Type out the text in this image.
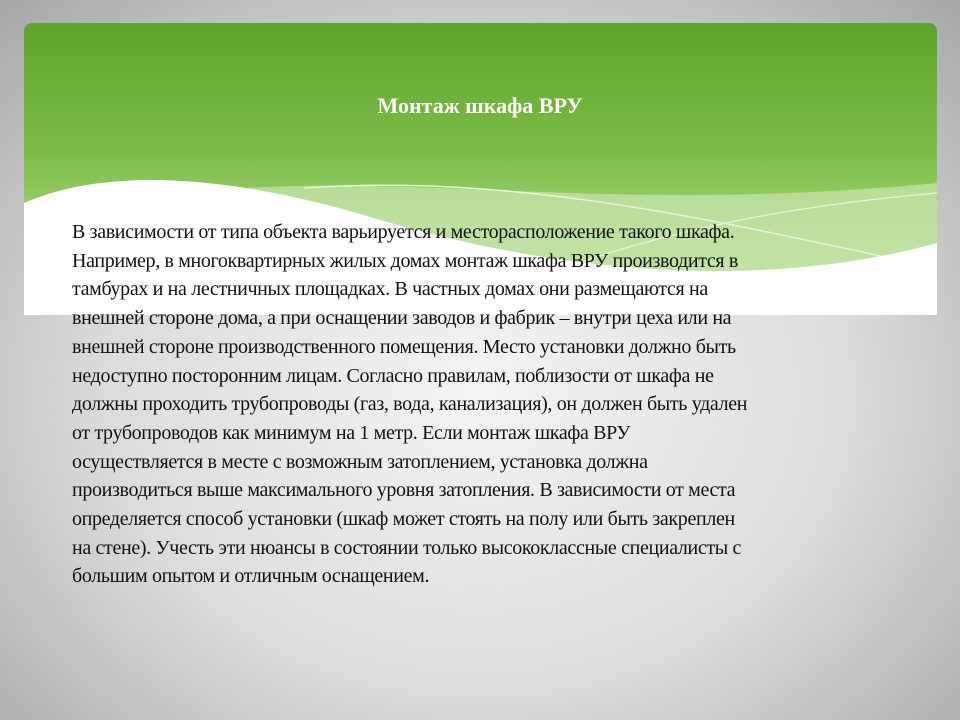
Монтаж шкафа ВРУ
В зависимости от типа объекта варьируется и месторасположение такого шкафа.
Например, в многоквартирных жилых домах монтаж шкафа ВРУ производится в
тамбурах и на лестничных площадках. В частных домах они размещаются на
внешней стороне дома, а при оснащении заводов и фабрик – внутри цеха или на
внешней стороне производственного помещения. Место установки должно быть
недоступно посторонним лицам. Согласно правилам, поблизости от шкафа не
должны проходить трубопроводы (газ, вода, канализация), он должен быть удален
от трубопроводов как минимум на 1 метр. Если монтаж шкафа ВРУ
осуществляется в месте с возможным затоплением, установка должна
производиться выше максимального уровня затопления. В зависимости от места
определяется способ установки (шкаф может стоять на полу или быть закреплен
на стене). Учесть эти нюансы в состоянии только высококлассные специалисты с
большим опытом и отличным оснащением.
